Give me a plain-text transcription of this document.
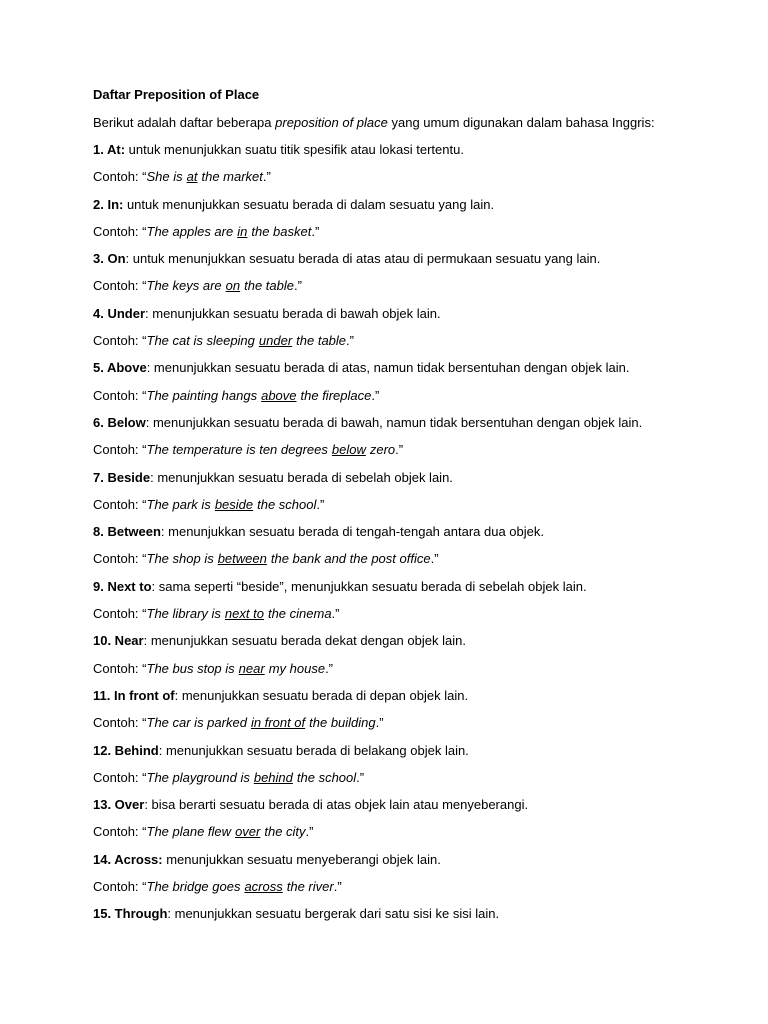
Daftar Preposition of Place
Berikut adalah daftar beberapa preposition of place yang umum digunakan dalam bahasa Inggris:
1. At: untuk menunjukkan suatu titik spesifik atau lokasi tertentu.
Contoh: “She is at the market.”
2. In: untuk menunjukkan sesuatu berada di dalam sesuatu yang lain.
Contoh: “The apples are in the basket.”
3. On: untuk menunjukkan sesuatu berada di atas atau di permukaan sesuatu yang lain.
Contoh: “The keys are on the table.”
4. Under: menunjukkan sesuatu berada di bawah objek lain.
Contoh: “The cat is sleeping under the table.”
5. Above: menunjukkan sesuatu berada di atas, namun tidak bersentuhan dengan objek lain.
Contoh: “The painting hangs above the fireplace.”
6. Below: menunjukkan sesuatu berada di bawah, namun tidak bersentuhan dengan objek lain.
Contoh: “The temperature is ten degrees below zero.”
7. Beside: menunjukkan sesuatu berada di sebelah objek lain.
Contoh: “The park is beside the school.”
8. Between: menunjukkan sesuatu berada di tengah-tengah antara dua objek.
Contoh: “The shop is between the bank and the post office.”
9. Next to: sama seperti “beside”, menunjukkan sesuatu berada di sebelah objek lain.
Contoh: “The library is next to the cinema.”
10. Near: menunjukkan sesuatu berada dekat dengan objek lain.
Contoh: “The bus stop is near my house.”
11. In front of: menunjukkan sesuatu berada di depan objek lain.
Contoh: “The car is parked in front of the building.”
12. Behind: menunjukkan sesuatu berada di belakang objek lain.
Contoh: “The playground is behind the school.”
13. Over: bisa berarti sesuatu berada di atas objek lain atau menyeberangi.
Contoh: “The plane flew over the city.”
14. Across: menunjukkan sesuatu menyeberangi objek lain.
Contoh: “The bridge goes across the river.”
15. Through: menunjukkan sesuatu bergerak dari satu sisi ke sisi lain.
